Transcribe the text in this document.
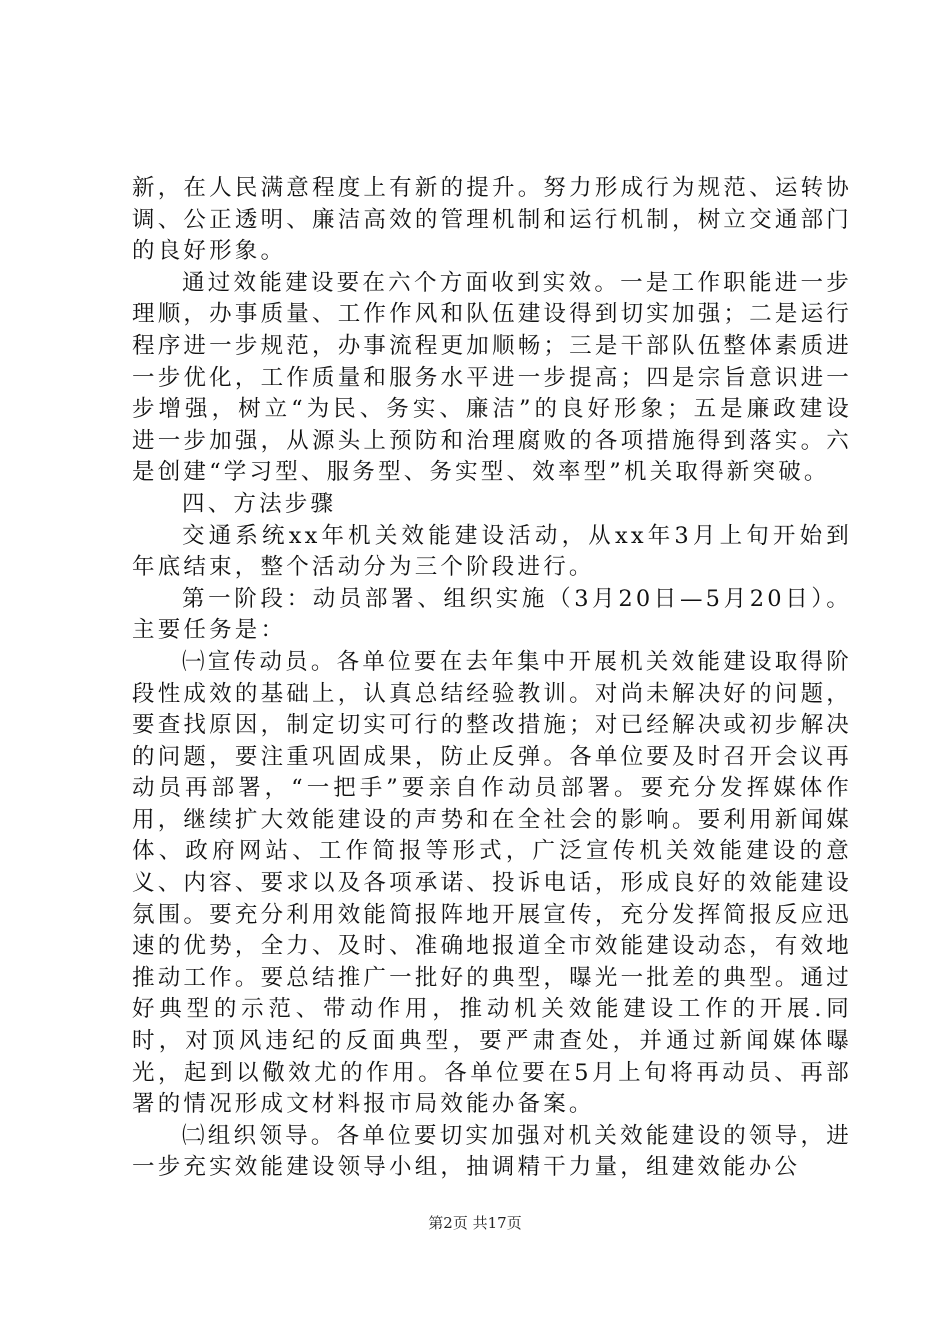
新，在人民满意程度上有新的提升。努力形成行为规范、运转协调、公正透明、廉洁高效的管理机制和运行机制，树立交通部门的良好形象。

通过效能建设要在六个方面收到实效。一是工作职能进一步理顺，办事质量、工作作风和队伍建设得到切实加强；二是运行程序进一步规范，办事流程更加顺畅；三是干部队伍整体素质进一步优化，工作质量和服务水平进一步提高；四是宗旨意识进一步增强，树立“为民、务实、廉洁”的良好形象；五是廉政建设进一步加强，从源头上预防和治理腐败的各项措施得到落实。六是创建“学习型、服务型、务实型、效率型”机关取得新突破。

四、方法步骤

交通系统xx年机关效能建设活动，从xx年3月上旬开始到年底结束，整个活动分为三个阶段进行。

第一阶段：动员部署、组织实施（3月20日—5月20日）。主要任务是：

㈠宣传动员。各单位要在去年集中开展机关效能建设取得阶段性成效的基础上，认真总结经验教训。对尚未解决好的问题，要查找原因，制定切实可行的整改措施；对已经解决或初步解决的问题，要注重巩固成果，防止反弹。各单位要及时召开会议再动员再部署，“一把手”要亲自作动员部署。要充分发挥媒体作用，继续扩大效能建设的声势和在全社会的影响。要利用新闻媒体、政府网站、工作简报等形式，广泛宣传机关效能建设的意义、内容、要求以及各项承诺、投诉电话，形成良好的效能建设氛围。要充分利用效能简报阵地开展宣传，充分发挥简报反应迅速的优势，全力、及时、准确地报道全市效能建设动态，有效地推动工作。要总结推广一批好的典型，曝光一批差的典型。通过好典型的示范、带动作用，推动机关效能建设工作的开展.同时，对顶风违纪的反面典型，要严肃查处，并通过新闻媒体曝光，起到以儆效尤的作用。各单位要在5月上旬将再动员、再部署的情况形成文材料报市局效能办备案。

㈡组织领导。各单位要切实加强对机关效能建设的领导，进一步充实效能建设领导小组，抽调精干力量，组建效能办公

第2页 共17页
